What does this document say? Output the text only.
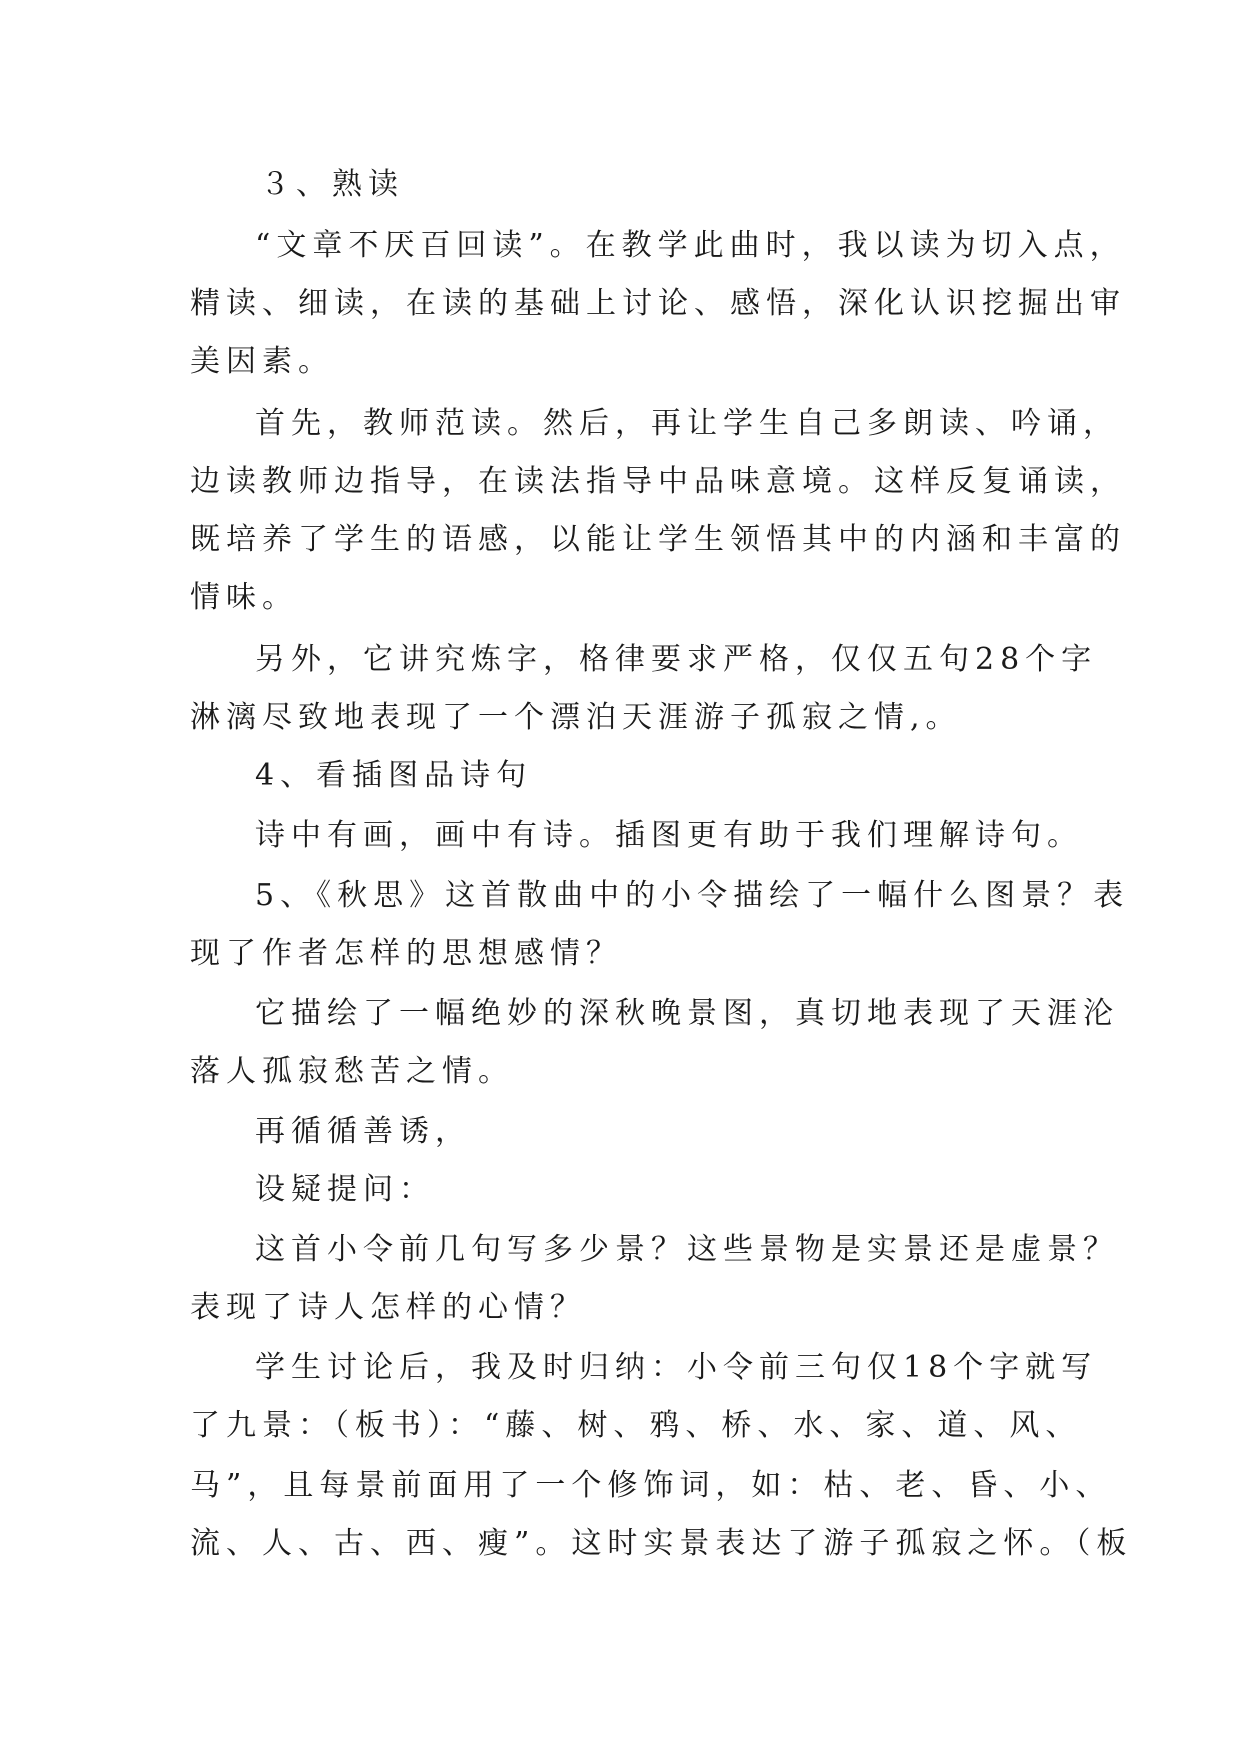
３、熟读
“文章不厌百回读”。在教学此曲时，我以读为切入点，
精读、细读，在读的基础上讨论、感悟，深化认识挖掘出审
美因素。
首先，教师范读。然后，再让学生自己多朗读、吟诵，
边读教师边指导，在读法指导中品味意境。这样反复诵读，
既培养了学生的语感，以能让学生领悟其中的内涵和丰富的
情味。
另外，它讲究炼字，格律要求严格，仅仅五句28个字
淋漓尽致地表现了一个漂泊天涯游子孤寂之情,。
4、看插图品诗句
诗中有画，画中有诗。插图更有助于我们理解诗句。
5、《秋思》这首散曲中的小令描绘了一幅什么图景？表
现了作者怎样的思想感情？
它描绘了一幅绝妙的深秋晚景图，真切地表现了天涯沦
落人孤寂愁苦之情。
再循循善诱，
设疑提问：
这首小令前几句写多少景？这些景物是实景还是虚景？
表现了诗人怎样的心情？
学生讨论后，我及时归纳：小令前三句仅18个字就写
了九景：（板书）：“藤、树、鸦、桥、水、家、道、风、
马”，且每景前面用了一个修饰词，如：枯、老、昏、小、
流、人、古、西、瘦”。这时实景表达了游子孤寂之怀。（板
